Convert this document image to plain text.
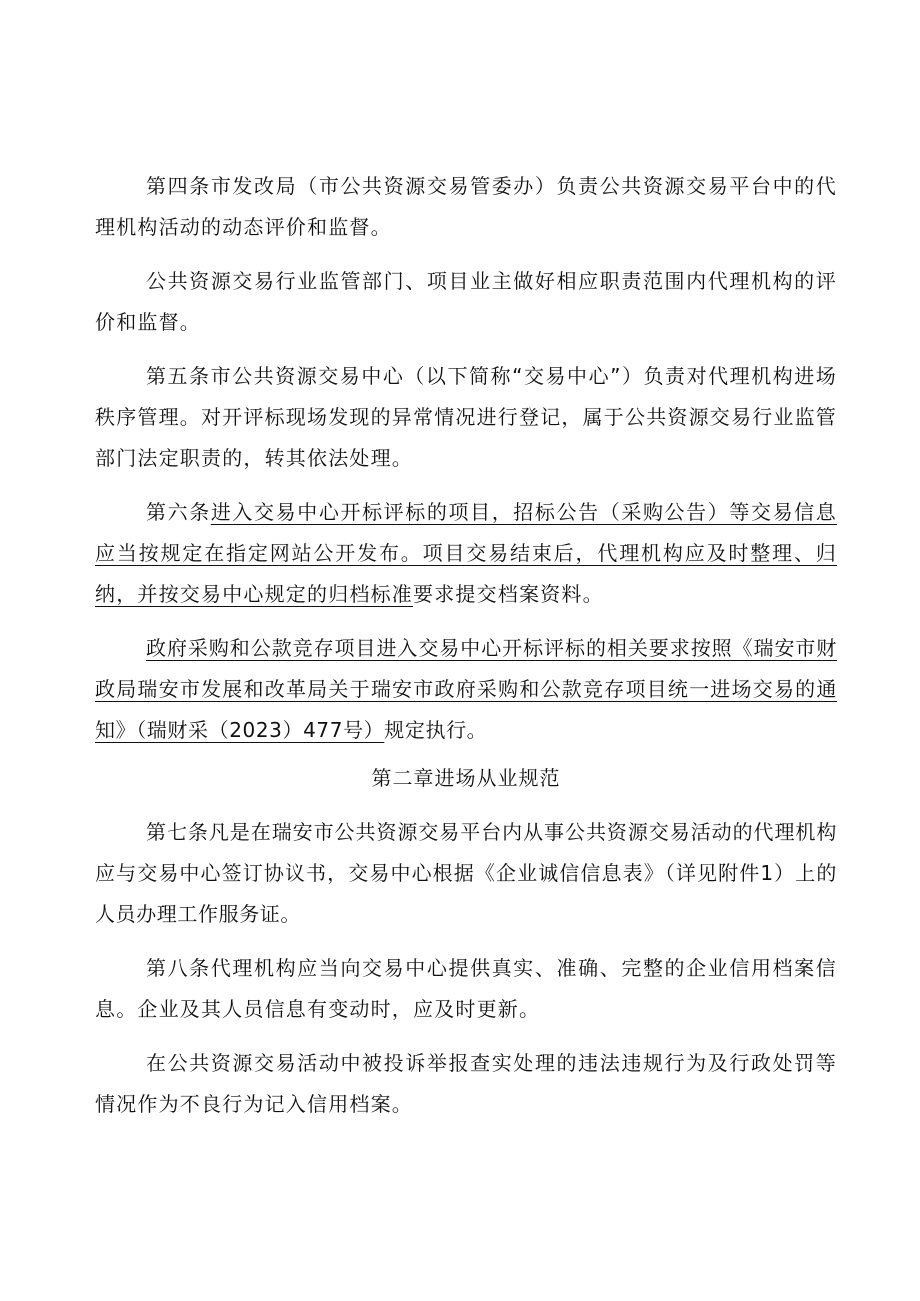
第四条市发改局（市公共资源交易管委办）负责公共资源交易平台中的代理机构活动的动态评价和监督。

公共资源交易行业监管部门、项目业主做好相应职责范围内代理机构的评价和监督。

第五条市公共资源交易中心（以下简称“交易中心”）负责对代理机构进场秩序管理。对开评标现场发现的异常情况进行登记，属于公共资源交易行业监管部门法定职责的，转其依法处理。

第六条进入交易中心开标评标的项目，招标公告（采购公告）等交易信息应当按规定在指定网站公开发布。项目交易结束后，代理机构应及时整理、归纳，并按交易中心规定的归档标准要求提交档案资料。

政府采购和公款竞存项目进入交易中心开标评标的相关要求按照《瑞安市财政局瑞安市发展和改革局关于瑞安市政府采购和公款竞存项目统一进场交易的通知》（瑞财采（2023）477号）规定执行。

第二章进场从业规范

第七条凡是在瑞安市公共资源交易平台内从事公共资源交易活动的代理机构应与交易中心签订协议书，交易中心根据《企业诚信信息表》（详见附件1）上的人员办理工作服务证。

第八条代理机构应当向交易中心提供真实、准确、完整的企业信用档案信息。企业及其人员信息有变动时，应及时更新。

在公共资源交易活动中被投诉举报查实处理的违法违规行为及行政处罚等情况作为不良行为记入信用档案。
